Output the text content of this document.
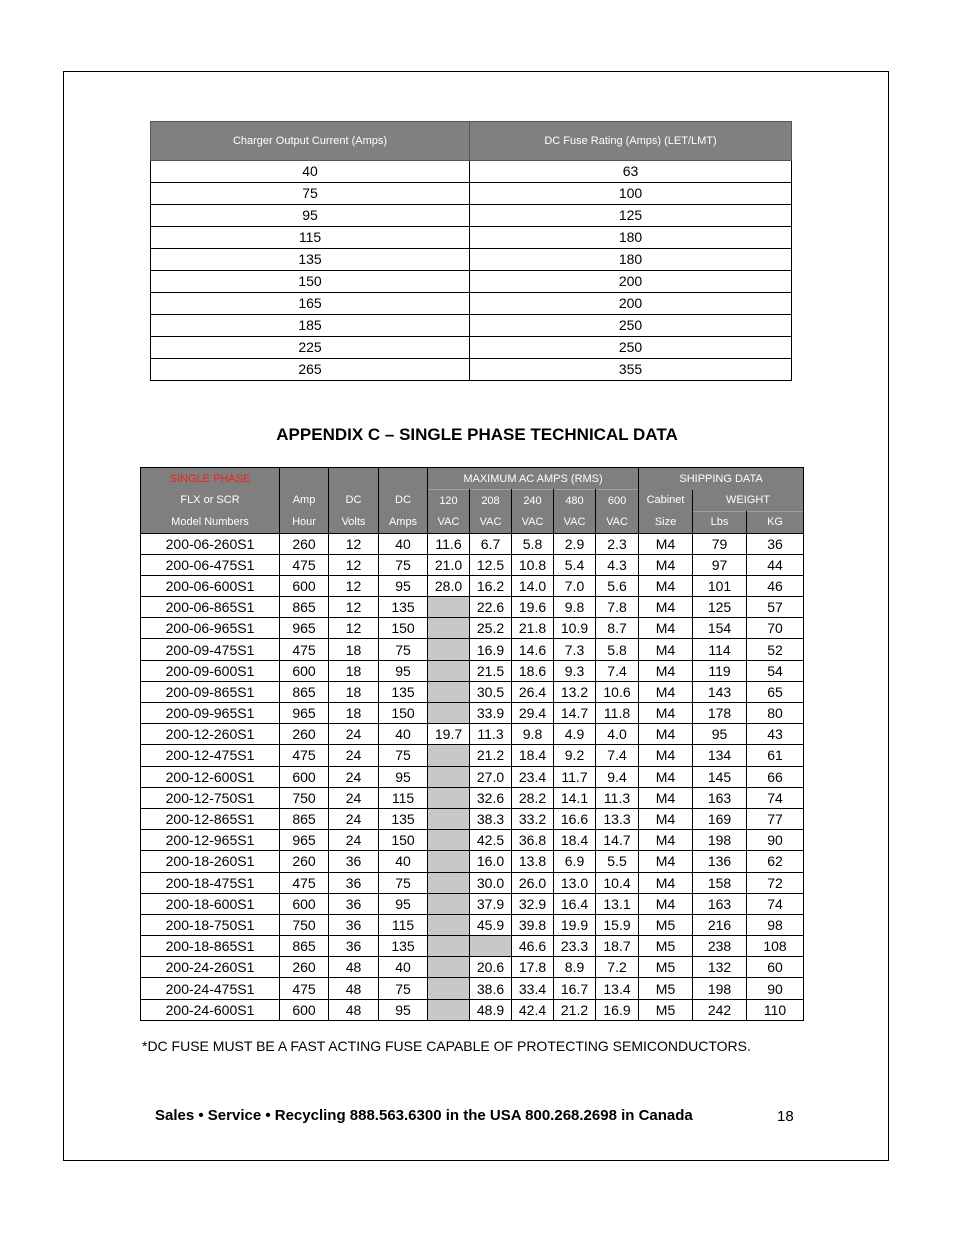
Charger Output Current (Amps)	DC Fuse Rating (Amps) (LET/LMT)
40	63
75	100
95	125
115	180
135	180
150	200
165	200
185	250
225	250
265	355
APPENDIX C – SINGLE PHASE TECHNICAL DATA
SINGLE PHASE				MAXIMUM AC AMPS (RMS)					SHIPPING DATA		
FLX or SCR	Amp	DC	DC	120	208	240	480	600	Cabinet	WEIGHT	
Model Numbers	Hour	Volts	Amps	VAC	VAC	VAC	VAC	VAC	Size	Lbs	KG
200-06-260S1	260	12	40	11.6	6.7	5.8	2.9	2.3	M4	79	36
200-06-475S1	475	12	75	21.0	12.5	10.8	5.4	4.3	M4	97	44
200-06-600S1	600	12	95	28.0	16.2	14.0	7.0	5.6	M4	101	46
200-06-865S1	865	12	135		22.6	19.6	9.8	7.8	M4	125	57
200-06-965S1	965	12	150		25.2	21.8	10.9	8.7	M4	154	70
200-09-475S1	475	18	75		16.9	14.6	7.3	5.8	M4	114	52
200-09-600S1	600	18	95		21.5	18.6	9.3	7.4	M4	119	54
200-09-865S1	865	18	135		30.5	26.4	13.2	10.6	M4	143	65
200-09-965S1	965	18	150		33.9	29.4	14.7	11.8	M4	178	80
200-12-260S1	260	24	40	19.7	11.3	9.8	4.9	4.0	M4	95	43
200-12-475S1	475	24	75		21.2	18.4	9.2	7.4	M4	134	61
200-12-600S1	600	24	95		27.0	23.4	11.7	9.4	M4	145	66
200-12-750S1	750	24	115		32.6	28.2	14.1	11.3	M4	163	74
200-12-865S1	865	24	135		38.3	33.2	16.6	13.3	M4	169	77
200-12-965S1	965	24	150		42.5	36.8	18.4	14.7	M4	198	90
200-18-260S1	260	36	40		16.0	13.8	6.9	5.5	M4	136	62
200-18-475S1	475	36	75		30.0	26.0	13.0	10.4	M4	158	72
200-18-600S1	600	36	95		37.9	32.9	16.4	13.1	M4	163	74
200-18-750S1	750	36	115		45.9	39.8	19.9	15.9	M5	216	98
200-18-865S1	865	36	135			46.6	23.3	18.7	M5	238	108
200-24-260S1	260	48	40		20.6	17.8	8.9	7.2	M5	132	60
200-24-475S1	475	48	75		38.6	33.4	16.7	13.4	M5	198	90
200-24-600S1	600	48	95		48.9	42.4	21.2	16.9	M5	242	110
*DC FUSE MUST BE A FAST ACTING FUSE CAPABLE OF PROTECTING SEMICONDUCTORS.
Sales • Service • Recycling 888.563.6300 in the USA 800.268.2698 in Canada	18
